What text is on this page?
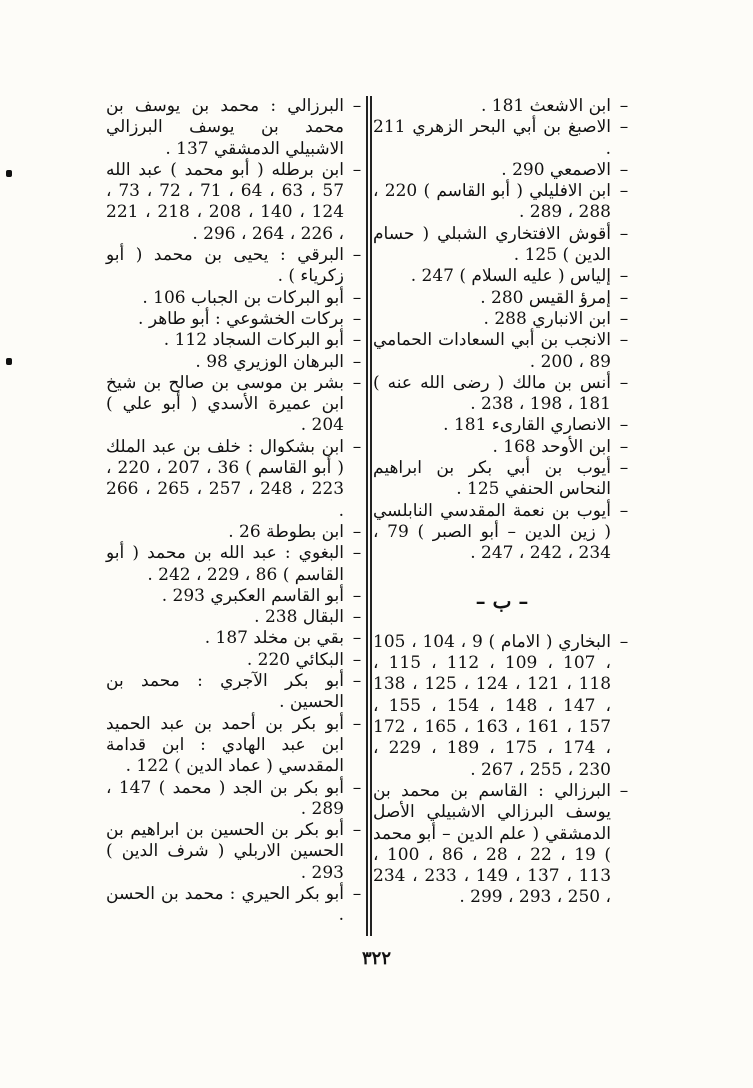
–
ابن الاشعث 181 .
–
الاصبغ بن أبي البحر الزهري 211 .
–
الاصمعي 290 .
–
ابن الافليلي ( أبو القاسم ) 220 ، 288 ، 289 .
–
أقوش الافتخاري الشبلي ( حسام الدين ) 125 .
–
إلياس ( عليه السلام ) 247 .
–
إمرؤ القيس 280 .
–
ابن الانباري 288 .
–
الانجب بن أبي السعادات الحمامي 89 ، 200 .
–
أنس بن مالك ( رضى الله عنه ) 181 ، 198 ، 238 .
–
الانصاري القارىء 181 .
–
ابن الأوحد 168 .
–
أيوب بن أبي بكر بن ابراهيم النحاس الحنفي 125 .
–
أيوب بن نعمة المقدسي النابلسي ( زين الدين – أبو الصبر ) 79 ، 234 ، 242 ، 247 .
– ب –
–
البخاري ( الامام ) 9 ، 104 ، 105 ، 107 ، 109 ، 112 ، 115 ، 118 ، 121 ، 124 ، 125 ، 138 ، 147 ، 148 ، 154 ، 155 ، 157 ، 161 ، 163 ، 165 ، 172 ، 174 ، 175 ، 189 ، 229 ، 230 ، 255 ، 267 .
–
البرزالي : القاسم بن محمد بن يوسف البرزالي الاشبيلي الأصل الدمشقي ( علم الدين – أبو محمد ) 19 ، 22 ، 28 ، 86 ، 100 ، 113 ، 137 ، 149 ، 233 ، 234 ، 250 ، 293 ، 299 .
–
البرزالي : محمد بن يوسف بن محمد بن يوسف البرزالي الاشبيلي الدمشقي 137 .
–
ابن برطله ( أبو محمد ) عبد الله 57 ، 63 ، 64 ، 71 ، 72 ، 73 ، 124 ، 140 ، 208 ، 218 ، 221 ، 226 ، 264 ، 296 .
–
البرقي : يحيى بن محمد ( أبو زكرياء ) .
–
أبو البركات بن الجباب 106 .
–
بركات الخشوعي : أبو طاهر .
–
أبو البركات السجاد 112 .
–
البرهان الوزيري 98 .
–
بشر بن موسى بن صالح بن شيخ ابن عميرة الأسدي ( أبو علي ) 204 .
–
ابن بشكوال : خلف بن عبد الملك ( أبو القاسم ) 36 ، 207 ، 220 ، 223 ، 248 ، 257 ، 265 ، 266 .
–
ابن بطوطة 26 .
–
البغوي : عبد الله بن محمد ( أبو القاسم ) 86 ، 229 ، 242 .
–
أبو القاسم العكبري 293 .
–
البقال 238 .
–
بقي بن مخلد 187 .
–
البكائي 220 .
–
أبو بكر الآجري : محمد بن الحسين .
–
أبو بكر بن أحمد بن عبد الحميد ابن عبد الهادي : ابن قدامة المقدسي ( عماد الدين ) 122 .
–
أبو بكر بن الجد ( محمد ) 147 ، 289 .
–
أبو بكر بن الحسين بن ابراهيم بن الحسين الاربلي ( شرف الدين ) 293 .
–
أبو بكر الحيري : محمد بن الحسن .
٣٢٢
